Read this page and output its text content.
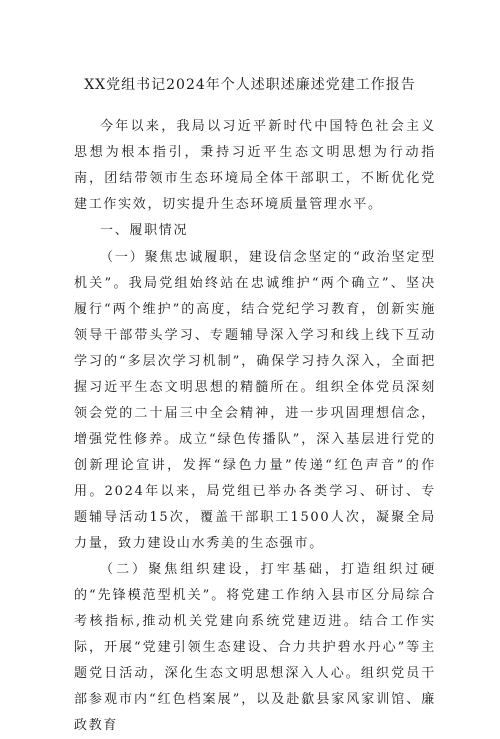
XX党组书记2024年个人述职述廉述党建工作报告

今年以来，我局以习近平新时代中国特色社会主义思想为根本指引，秉持习近平生态文明思想为行动指南，团结带领市生态环境局全体干部职工，不断优化党建工作实效，切实提升生态环境质量管理水平。

一、履职情况

（一）聚焦忠诚履职，建设信念坚定的“政治坚定型机关”。我局党组始终站在忠诚维护“两个确立”、坚决履行“两个维护”的高度，结合党纪学习教育，创新实施领导干部带头学习、专题辅导深入学习和线上线下互动学习的“多层次学习机制”，确保学习持久深入，全面把握习近平生态文明思想的精髓所在。组织全体党员深刻领会党的二十届三中全会精神，进一步巩固理想信念，增强党性修养。成立“绿色传播队”，深入基层进行党的创新理论宣讲，发挥“绿色力量”传递“红色声音”的作用。2024年以来，局党组已举办各类学习、研讨、专题辅导活动15次，覆盖干部职工1500人次，凝聚全局力量，致力建设山水秀美的生态强市。

（二）聚焦组织建设，打牢基础，打造组织过硬的“先锋模范型机关”。将党建工作纳入县市区分局综合考核指标,推动机关党建向系统党建迈进。结合工作实际，开展“党建引领生态建设、合力共护碧水丹心”等主题党日活动，深化生态文明思想深入人心。组织党员干部参观市内“红色档案展”，以及赴歙县家风家训馆、廉政教育
